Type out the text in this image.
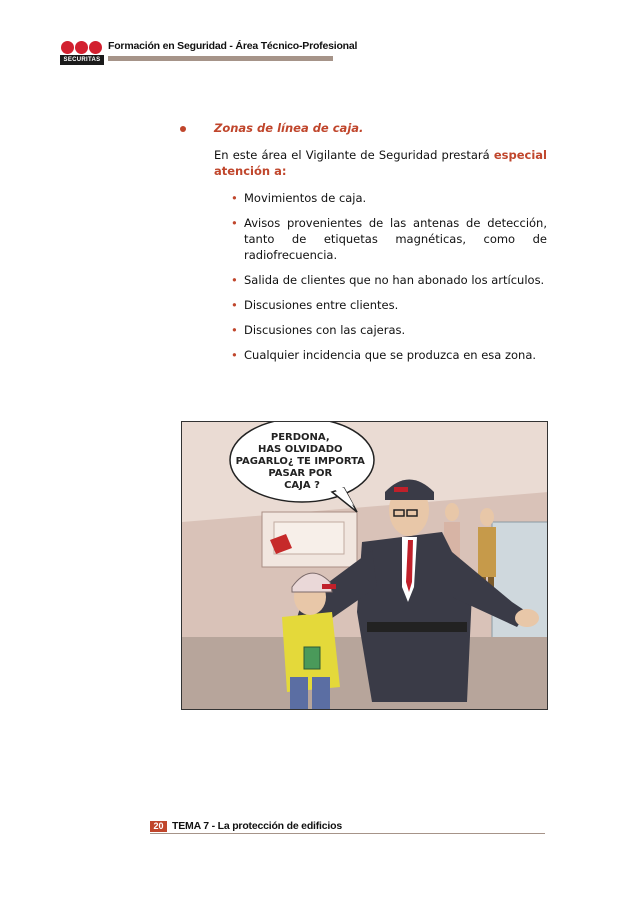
SECURITAS
Formación en Seguridad - Área Técnico-Profesional
Zonas de línea de caja.
En este área el Vigilante de Seguridad prestará especial atención a:
• Movimientos de caja.
• Avisos provenientes de las antenas de detección, tanto de etiquetas magnéticas, como de radiofrecuencia.
• Salida de clientes que no han abonado los artículos.
• Discusiones entre clientes.
• Discusiones con las cajeras.
• Cualquier incidencia que se produzca en esa zona.
PERDONA, HAS OLVIDADO PAGARLO¿ TE IMPORTA PASAR POR CAJA ?
20 TEMA 7 - La protección de edificios
